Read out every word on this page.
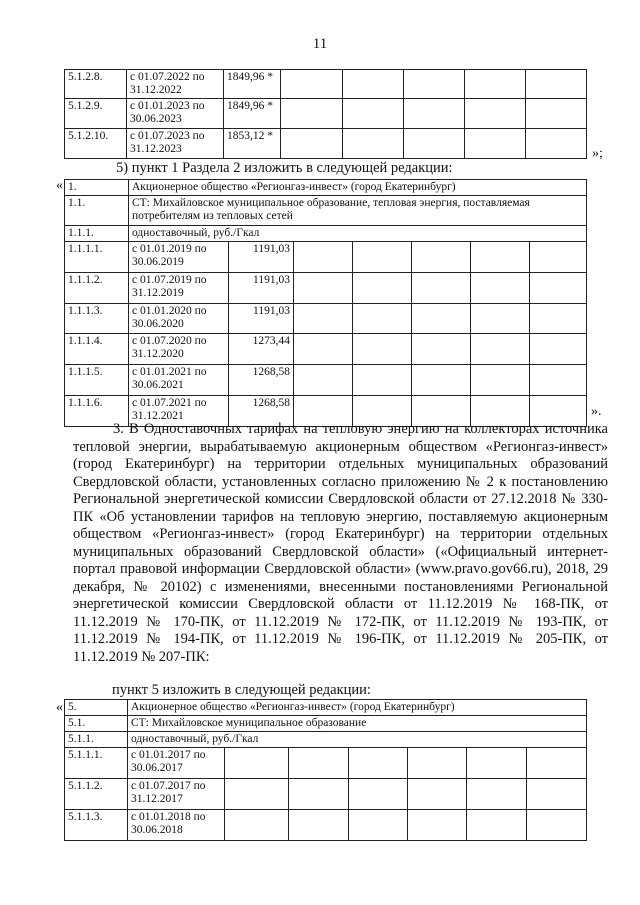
11
5.1.2.8.	с 01.07.2022 по 31.12.2022	1849,96 *					
5.1.2.9.	с 01.01.2023 по 30.06.2023	1849,96 *					
5.1.2.10.	с 01.07.2023 по 31.12.2023	1853,12 *					
»;
5) пункт 1 Раздела 2 изложить в следующей редакции:
« 1.	Акционерное общество «Регионгаз-инвест» (город Екатеринбург)						
1.1.	СТ: Михайловское муниципальное образование, тепловая энергия, поставляемая потребителям из тепловых сетей						
1.1.1.	одноставочный, руб./Гкал						
1.1.1.1.	с 01.01.2019 по 30.06.2019	1191,03					
1.1.1.2.	с 01.07.2019 по 31.12.2019	1191,03					
1.1.1.3.	с 01.01.2020 по 30.06.2020	1191,03					
1.1.1.4.	с 01.07.2020 по 31.12.2020	1273,44					
1.1.1.5.	с 01.01.2021 по 30.06.2021	1268,58					
1.1.1.6.	с 01.07.2021 по 31.12.2021	1268,58					
».
3. В Одноставочных тарифах на тепловую энергию на коллекторах источника тепловой энергии, вырабатываемую акционерным обществом «Регионгаз-инвест» (город Екатеринбург) на территории отдельных муниципальных образований Свердловской области, установленных согласно приложению № 2 к постановлению Региональной энергетической комиссии Свердловской области от 27.12.2018 № 330-ПК «Об установлении тарифов на тепловую энергию, поставляемую акционерным обществом «Регионгаз-инвест» (город Екатеринбург) на территории отдельных муниципальных образований Свердловской области» («Официальный интернет-портал правовой информации Свердловской области» (www.pravo.gov66.ru), 2018, 29 декабря, № 20102) с изменениями, внесенными постановлениями Региональной энергетической комиссии Свердловской области от 11.12.2019 № 168-ПК, от 11.12.2019 № 170-ПК, от 11.12.2019 № 172-ПК, от 11.12.2019 № 193-ПК, от 11.12.2019 № 194-ПК, от 11.12.2019 № 196-ПК, от 11.12.2019 № 205-ПК, от 11.12.2019 № 207-ПК:
пункт 5 изложить в следующей редакции:
« 5.	Акционерное общество «Регионгаз-инвест» (город Екатеринбург)						
5.1.	СТ: Михайловское муниципальное образование						
5.1.1.	одноставочный, руб./Гкал						
5.1.1.1.	с 01.01.2017 по 30.06.2017						
5.1.1.2.	с 01.07.2017 по 31.12.2017						
5.1.1.3.	с 01.01.2018 по 30.06.2018						
